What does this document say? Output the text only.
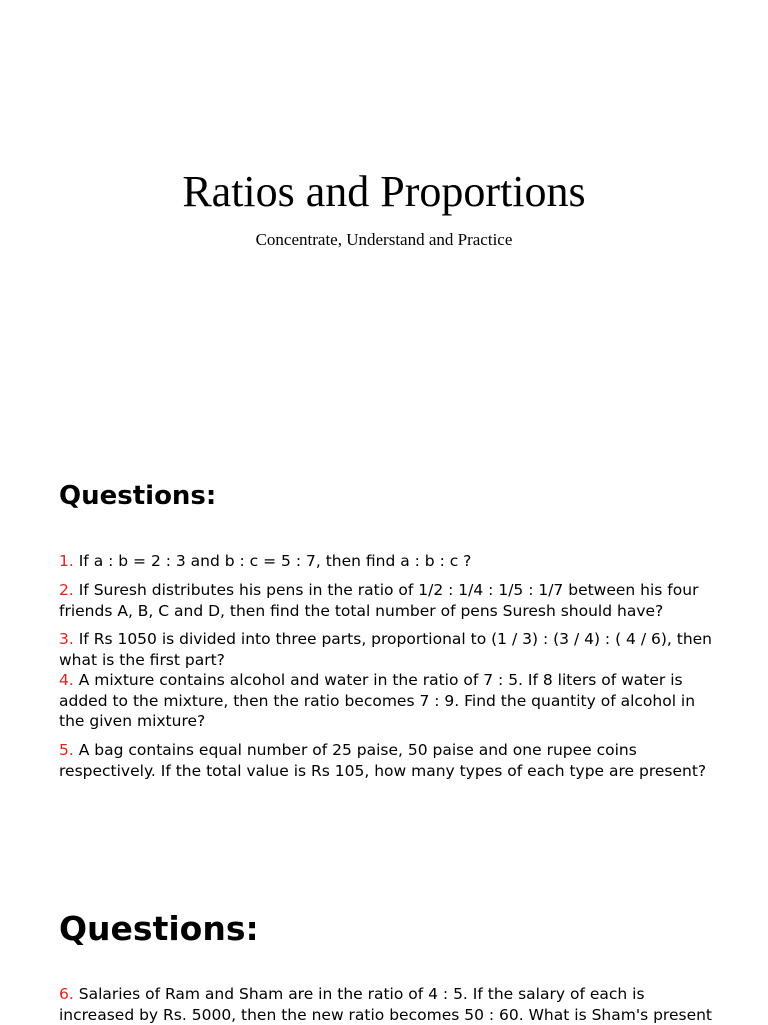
Ratios and Proportions

Concentrate, Understand and Practice

Questions:

1. If a : b = 2 : 3 and b : c = 5 : 7, then find a : b : c ?

2. If Suresh distributes his pens in the ratio of 1/2 : 1/4 : 1/5 : 1/7 between his four friends A, B, C and D, then find the total number of pens Suresh should have?

3. If Rs 1050 is divided into three parts, proportional to (1 / 3) : (3 / 4) : ( 4 / 6), then what is the first part?

4. A mixture contains alcohol and water in the ratio of 7 : 5. If 8 liters of water is added to the mixture, then the ratio becomes 7 : 9. Find the quantity of alcohol in the given mixture?

5. A bag contains equal number of 25 paise, 50 paise and one rupee coins respectively. If the total value is Rs 105, how many types of each type are present?

Questions:

6. Salaries of Ram and Sham are in the ratio of 4 : 5. If the salary of each is increased by Rs. 5000, then the new ratio becomes 50 : 60. What is Sham's present
